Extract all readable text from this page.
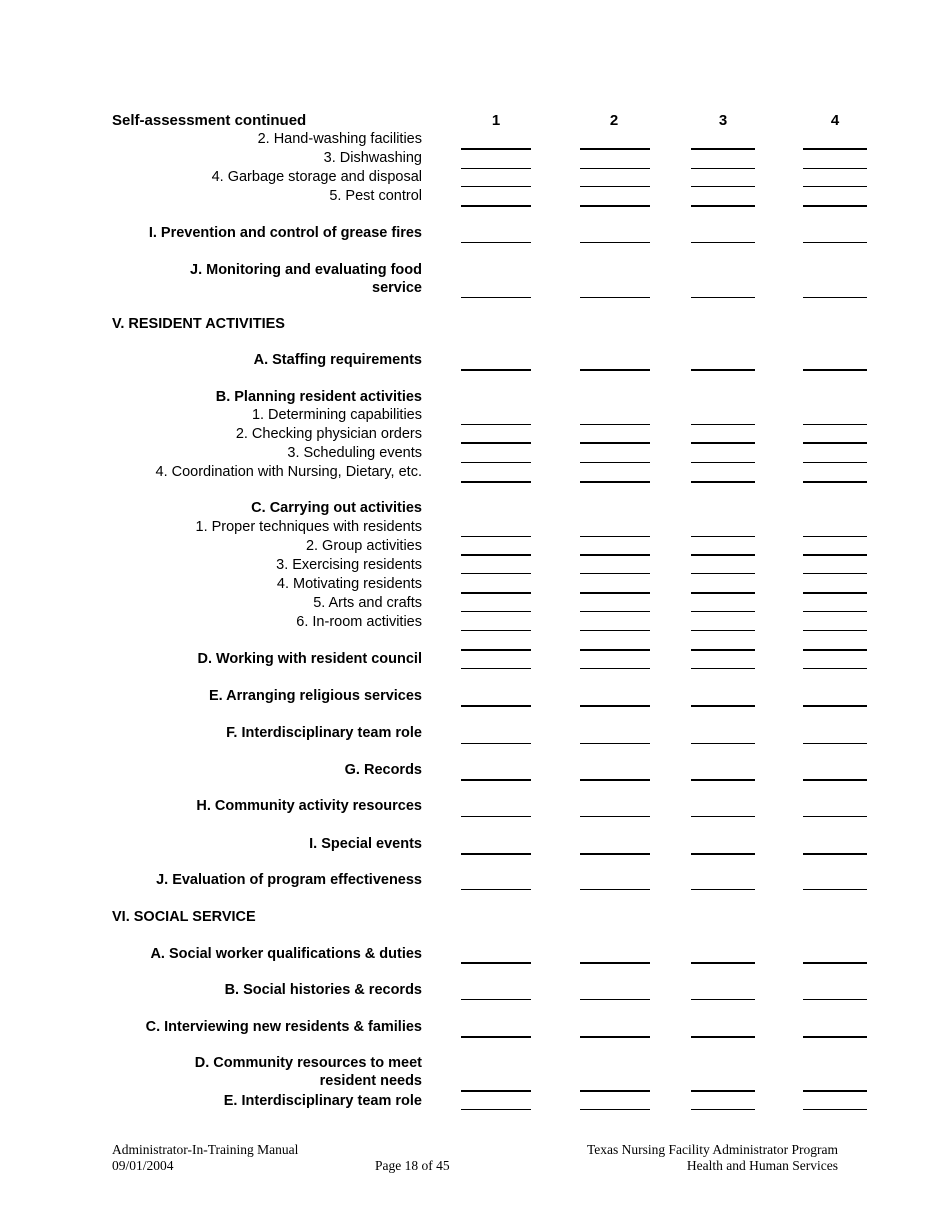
Self-assessment continued	1	2	3	4
2. Hand-washing facilities
3. Dishwashing
4. Garbage storage and disposal
5. Pest control
I. Prevention and control of grease fires
J. Monitoring and evaluating food
service
V. RESIDENT ACTIVITIES
A. Staffing requirements
B. Planning resident activities
1. Determining capabilities
2. Checking physician orders
3. Scheduling events
4. Coordination with Nursing, Dietary, etc.
C. Carrying out activities
1. Proper techniques with residents
2. Group activities
3. Exercising residents
4. Motivating residents
5. Arts and crafts
6. In-room activities
D. Working with resident council
E. Arranging religious services
F. Interdisciplinary team role
G. Records
H. Community activity resources
I. Special events
J. Evaluation of program effectiveness
VI. SOCIAL SERVICE
A. Social worker qualifications & duties
B. Social histories & records
C. Interviewing new residents & families
D. Community resources to meet
resident needs
E. Interdisciplinary team role
Administrator-In-Training Manual
09/01/2004	Page 18 of 45
Texas Nursing Facility Administrator Program
Health and Human Services
